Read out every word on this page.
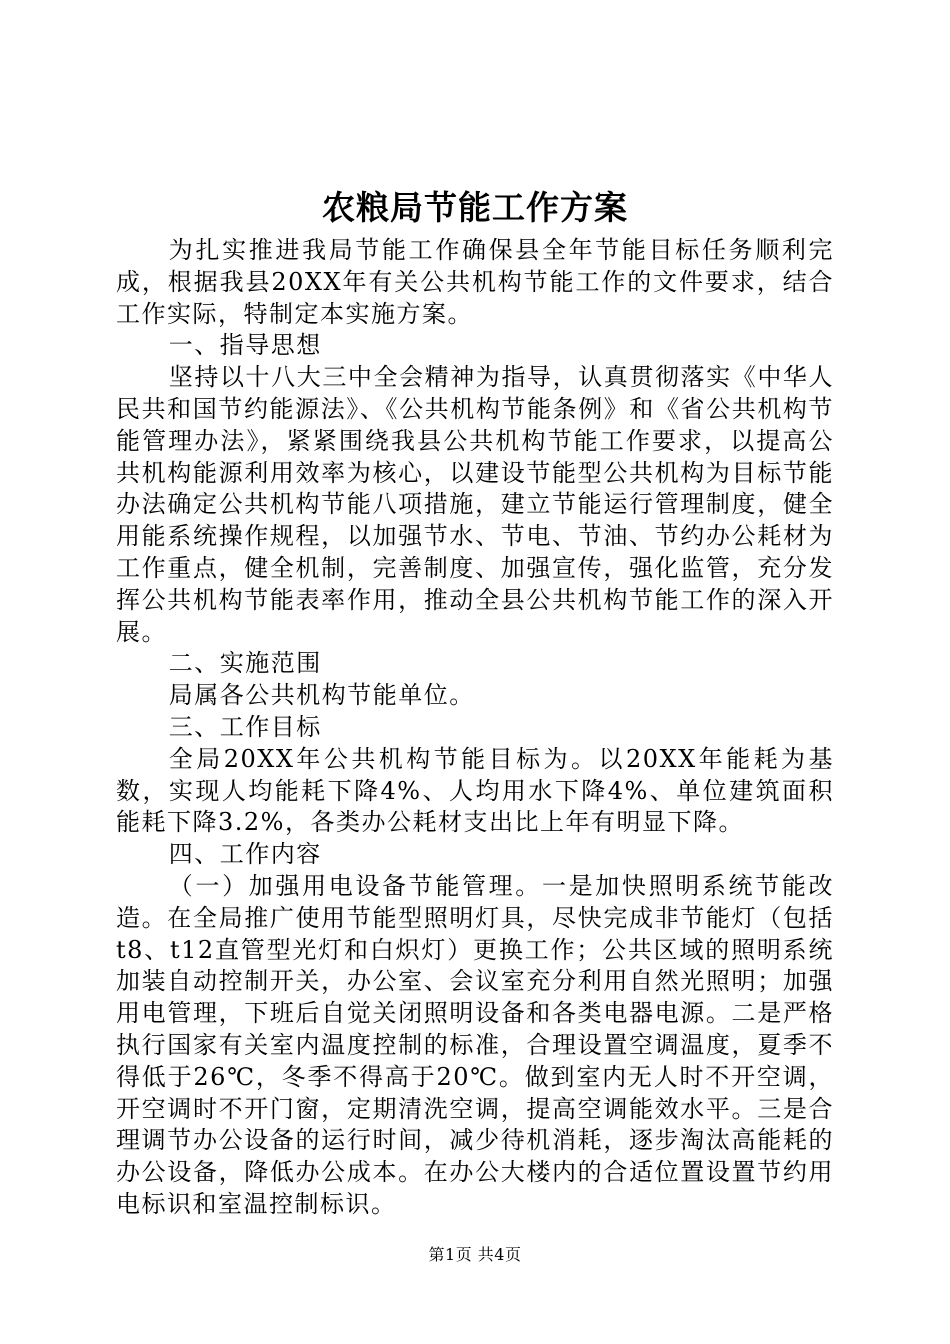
农粮局节能工作方案

为扎实推进我局节能工作确保县全年节能目标任务顺利完成，根据我县20XX年有关公共机构节能工作的文件要求，结合工作实际，特制定本实施方案。

一、指导思想

坚持以十八大三中全会精神为指导，认真贯彻落实《中华人民共和国节约能源法》、《公共机构节能条例》和《省公共机构节能管理办法》，紧紧围绕我县公共机构节能工作要求，以提高公共机构能源利用效率为核心，以建设节能型公共机构为目标节能办法确定公共机构节能八项措施，建立节能运行管理制度，健全用能系统操作规程，以加强节水、节电、节油、节约办公耗材为工作重点，健全机制，完善制度、加强宣传，强化监管，充分发挥公共机构节能表率作用，推动全县公共机构节能工作的深入开展。

二、实施范围

局属各公共机构节能单位。

三、工作目标

全局20XX年公共机构节能目标为。以20XX年能耗为基数，实现人均能耗下降4%、人均用水下降4%、单位建筑面积能耗下降3.2%，各类办公耗材支出比上年有明显下降。

四、工作内容

（一）加强用电设备节能管理。一是加快照明系统节能改造。在全局推广使用节能型照明灯具，尽快完成非节能灯（包括t8、t12直管型光灯和白炽灯）更换工作；公共区域的照明系统加装自动控制开关，办公室、会议室充分利用自然光照明；加强用电管理，下班后自觉关闭照明设备和各类电器电源。二是严格执行国家有关室内温度控制的标准，合理设置空调温度，夏季不得低于26℃，冬季不得高于20℃。做到室内无人时不开空调，开空调时不开门窗，定期清洗空调，提高空调能效水平。三是合理调节办公设备的运行时间，减少待机消耗，逐步淘汰高能耗的办公设备，降低办公成本。在办公大楼内的合适位置设置节约用电标识和室温控制标识。

第1页 共4页
